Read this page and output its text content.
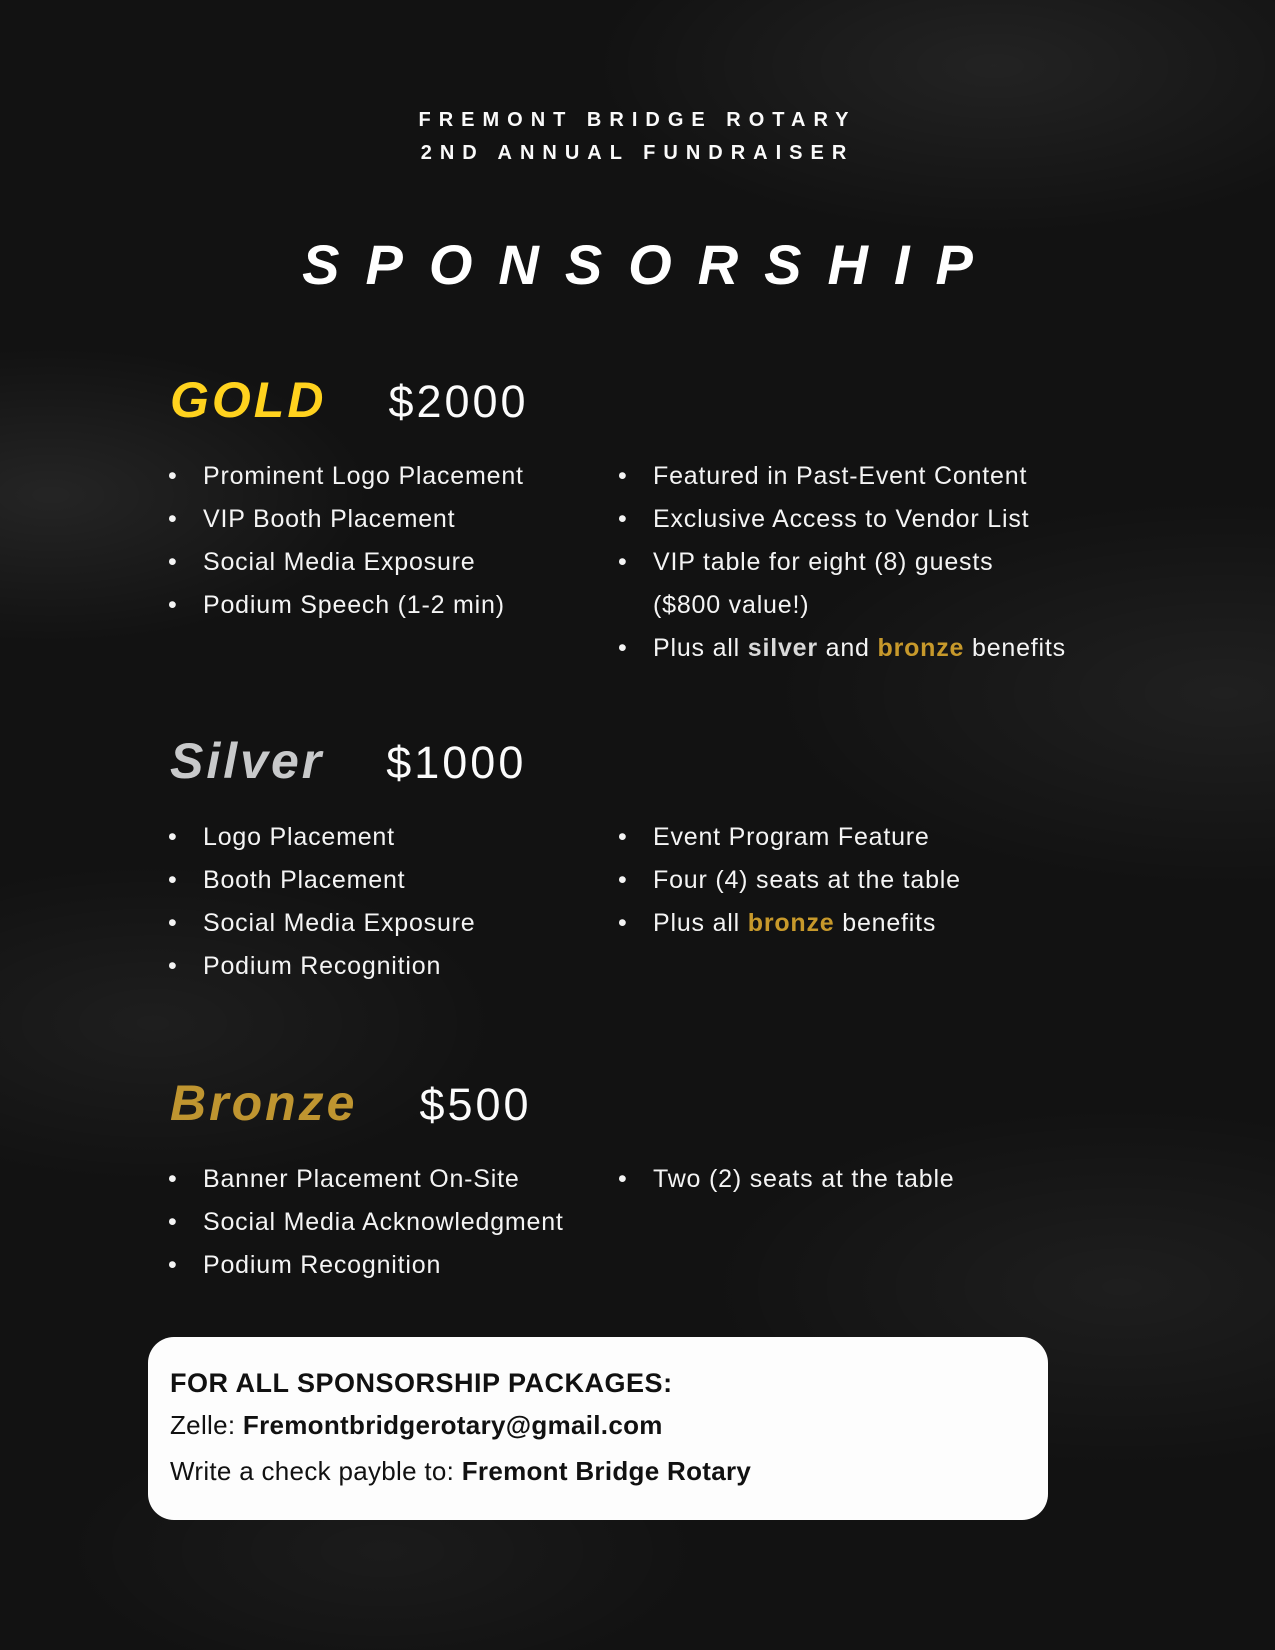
FREMONT BRIDGE ROTARY
2ND ANNUAL FUNDRAISER
SPONSORSHIP
GOLD $2000
•	Prominent Logo Placement
•	VIP Booth Placement
•	Social Media Exposure
•	Podium Speech (1-2 min)
•	Featured in Past-Event Content
•	Exclusive Access to Vendor List
•	VIP table for eight (8) guests
($800 value!)
•	Plus all silver and bronze benefits
Silver $1000
•	Logo Placement
•	Booth Placement
•	Social Media Exposure
•	Podium Recognition
•	Event Program Feature
•	Four (4) seats at the table
•	Plus all bronze benefits
Bronze $500
•	Banner Placement On-Site
•	Social Media Acknowledgment
•	Podium Recognition
•	Two (2) seats at the table
FOR ALL SPONSORSHIP PACKAGES:
Zelle: Fremontbridgerotary@gmail.com
Write a check payble to: Fremont Bridge Rotary
